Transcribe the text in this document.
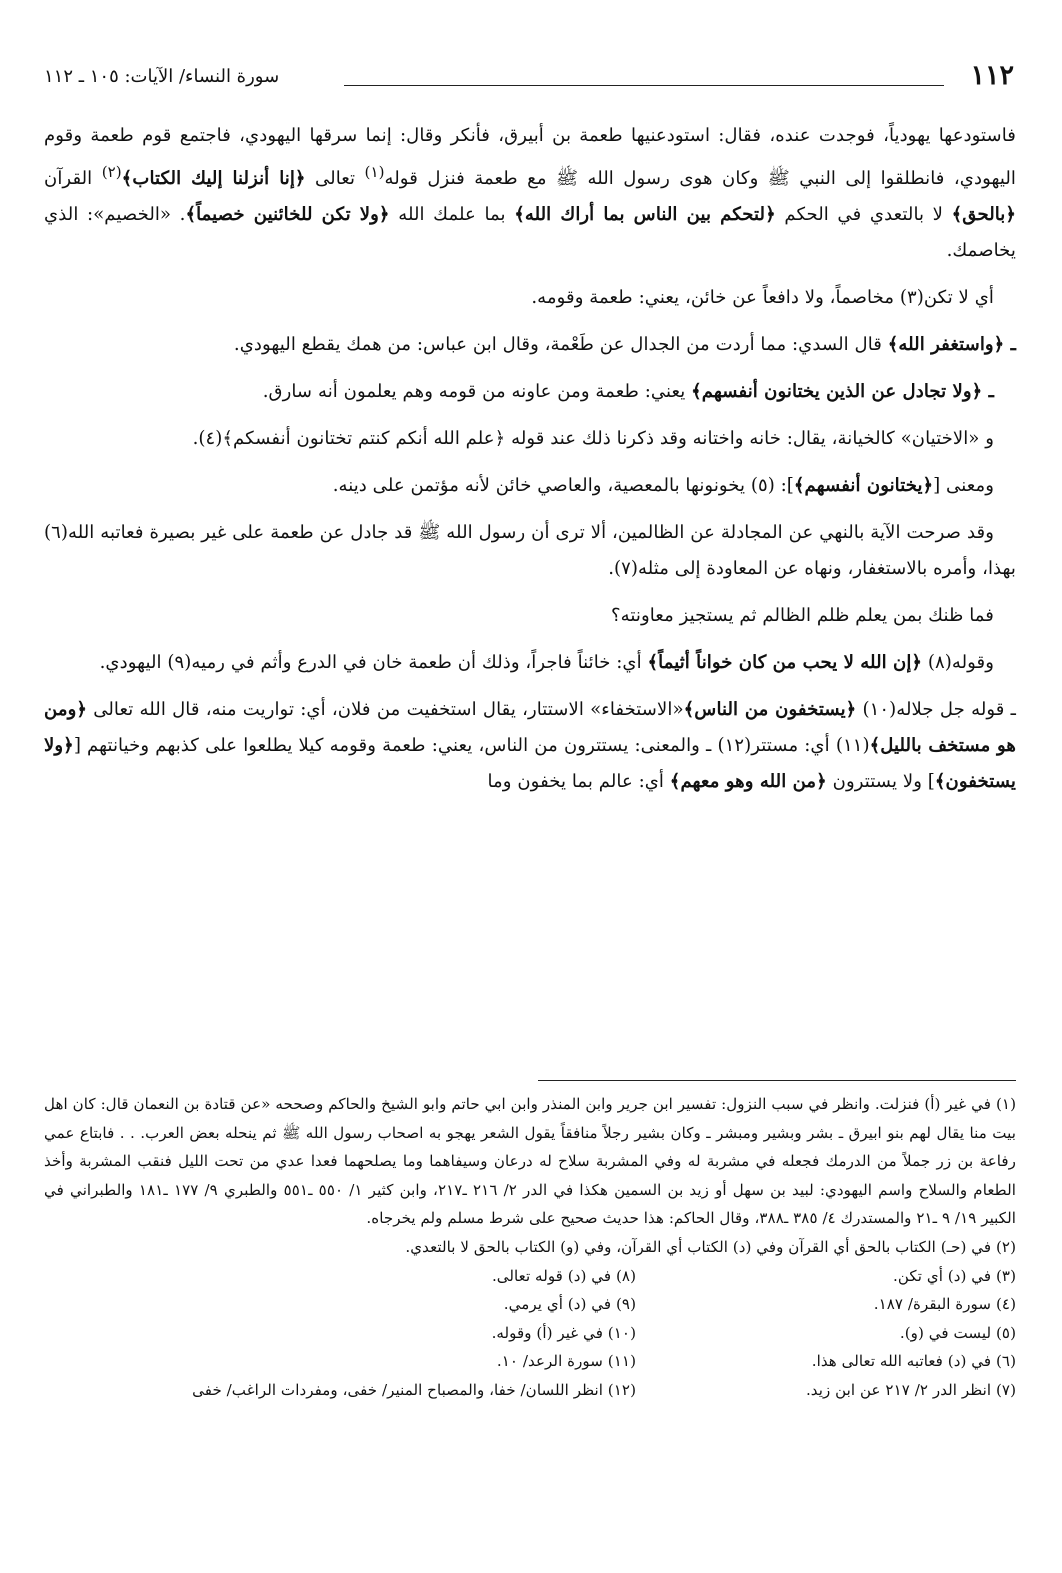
١١٢
سورة النساء/ الآيات: ١٠٥ ـ ١١٢

فاستودعها يهودياً، فوجدت عنده، فقال: استودعنيها طعمة بن أبيرق، فأنكر وقال: إنما سرقها اليهودي، فاجتمع قوم طعمة وقوم اليهودي، فانطلقوا إلى النبي ﷺ وكان هوى رسول الله ﷺ مع طعمة فنزل قوله$^{(١)}$ تعالى ﴿إنا أنزلنا إليك الكتاب﴾$^{(٢)}$ القرآن ﴿بالحق﴾ لا بالتعدي في الحكم ﴿لتحكم بين الناس بما أراك الله﴾ بما علمك الله ﴿ولا تكن للخائنين خصيماً﴾. «الخصيم»: الذي يخاصمك.

أي لا تكن(٣) مخاصماً، ولا دافعاً عن خائن، يعني: طعمة وقومه.

ـ ﴿واستغفر الله﴾ قال السدي: مما أردت من الجدال عن طَعْمة، وقال ابن عباس: من همك يقطع اليهودي.

ـ ﴿ولا تجادل عن الذين يختانون أنفسهم﴾ يعني: طعمة ومن عاونه من قومه وهم يعلمون أنه سارق.

و «الاختيان» كالخيانة، يقال: خانه واختانه وقد ذكرنا ذلك عند قوله ﴿علم الله أنكم كنتم تختانون أنفسكم﴾(٤).

ومعنى [﴿يختانون أنفسهم﴾]: (٥) يخونونها بالمعصية، والعاصي خائن لأنه مؤتمن على دينه.

وقد صرحت الآية بالنهي عن المجادلة عن الظالمين، ألا ترى أن رسول الله ﷺ قد جادل عن طعمة على غير بصيرة فعاتبه الله(٦) بهذا، وأمره بالاستغفار، ونهاه عن المعاودة إلى مثله(٧).

فما ظنك بمن يعلم ظلم الظالم ثم يستجيز معاونته؟

وقوله(٨) ﴿إن الله لا يحب من كان خواناً أثيماً﴾ أي: خائناً فاجراً، وذلك أن طعمة خان في الدرع وأثم في رميه(٩) اليهودي.

ـ قوله جل جلاله(١٠) ﴿يستخفون من الناس﴾«الاستخفاء» الاستتار، يقال استخفيت من فلان، أي: تواريت منه، قال الله تعالى ﴿ومن هو مستخف بالليل﴾(١١) أي: مستتر(١٢) ـ والمعنى: يستترون من الناس، يعني: طعمة وقومه كيلا يطلعوا على كذبهم وخيانتهم [﴿ولا يستخفون﴾] ولا يستترون ﴿من الله وهو معهم﴾ أي: عالم بما يخفون وما

(١) في غير (أ) فنزلت. وانظر في سبب النزول: تفسير ابن جرير وابن المنذر وابن ابي حاتم وابو الشيخ والحاكم وصححه «عن قتادة بن النعمان قال: كان اهل بيت منا يقال لهم بنو ابيرق ـ بشر وبشير ومبشر ـ وكان بشير رجلاً منافقاً يقول الشعر يهجو به اصحاب رسول الله ﷺ ثم ينحله بعض العرب. . . فابتاع عمي رفاعة بن زر جملاً من الدرمك فجعله في مشربة له وفي المشربة سلاح له درعان وسيفاهما وما يصلحهما فعدا عدي من تحت الليل فنقب المشربة وأخذ الطعام والسلاح واسم اليهودي: لبيد بن سهل أو زيد بن السمين هكذا في الدر ٢/ ٢١٦ ـ٢١٧، وابن كثير ١/ ٥٥٠ ـ٥٥١ والطبري ٩/ ١٧٧ ـ١٨١ والطبراني في الكبير ١٩/ ٩ ـ٢١ والمستدرك ٤/ ٣٨٥ ـ٣٨٨، وقال الحاكم: هذا حديث صحيح على شرط مسلم ولم يخرجاه.

(٢) في (حـ) الكتاب بالحق أي القرآن وفي (د) الكتاب أي القرآن، وفي (و) الكتاب بالحق لا بالتعدي.

(٣) في (د) أي تكن.
(٨) في (د) قوله تعالى.
(٤) سورة البقرة/ ١٨٧.
(٩) في (د) أي يرمي.
(٥) ليست في (و).
(١٠) في غير (أ) وقوله.
(٦) في (د) فعاتبه الله تعالى هذا.
(١١) سورة الرعد/ ١٠.
(٧) انظر الدر ٢/ ٢١٧ عن ابن زيد.
(١٢) انظر اللسان/ خفا، والمصباح المنير/ خفى، ومفردات الراغب/ خفى
